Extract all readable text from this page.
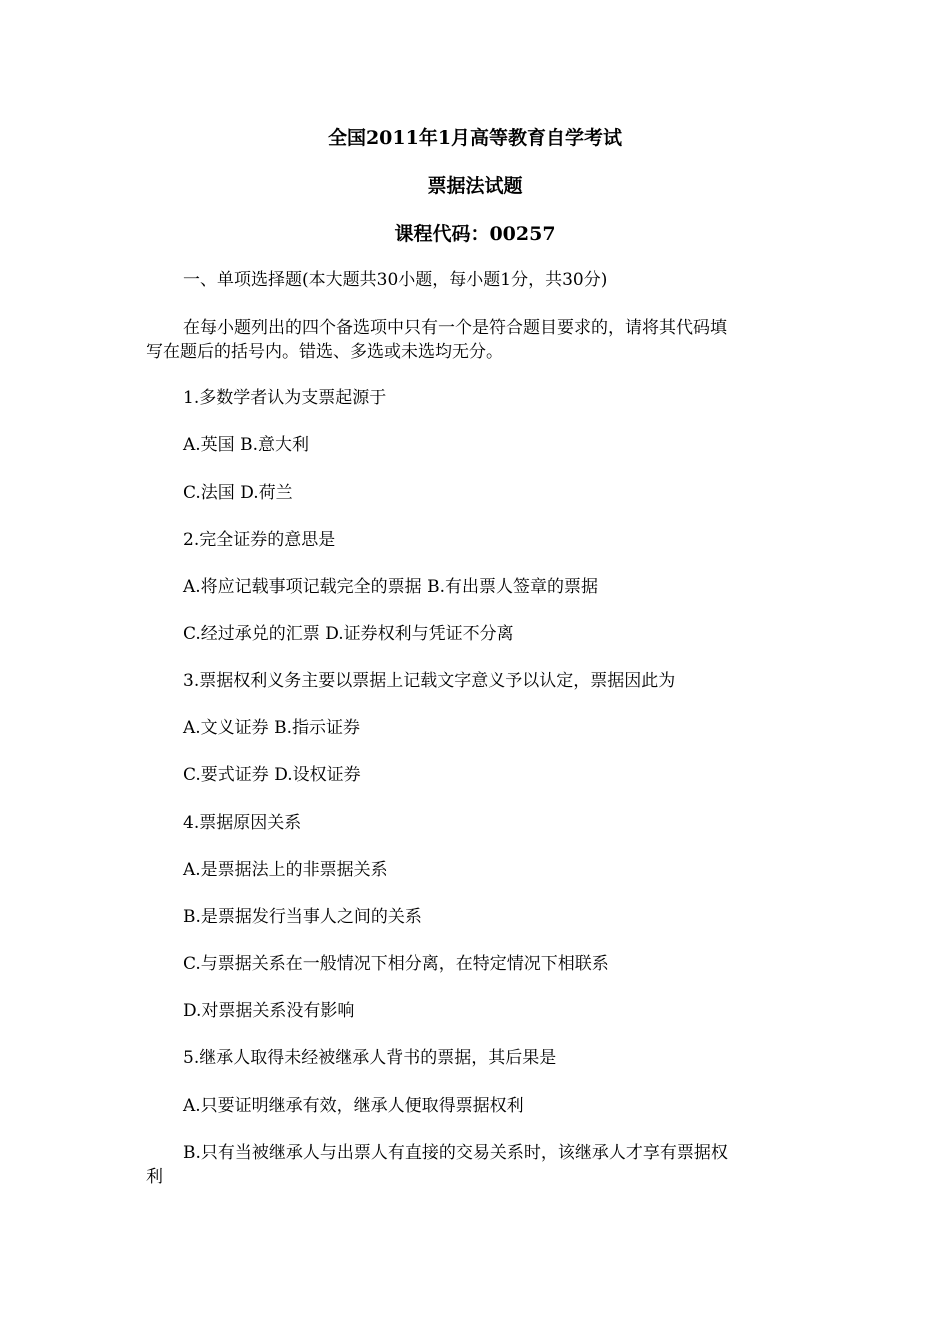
全国2011年1月高等教育自学考试
票据法试题
课程代码：00257
一、单项选择题(本大题共30小题，每小题1分，共30分)
在每小题列出的四个备选项中只有一个是符合题目要求的，请将其代码填
写在题后的括号内。错选、多选或未选均无分。
1.多数学者认为支票起源于
A.英国 B.意大利
C.法国 D.荷兰
2.完全证券的意思是
A.将应记载事项记载完全的票据 B.有出票人签章的票据
C.经过承兑的汇票 D.证券权利与凭证不分离
3.票据权利义务主要以票据上记载文字意义予以认定，票据因此为
A.文义证券 B.指示证券
C.要式证券 D.设权证券
4.票据原因关系
A.是票据法上的非票据关系
B.是票据发行当事人之间的关系
C.与票据关系在一般情况下相分离，在特定情况下相联系
D.对票据关系没有影响
5.继承人取得未经被继承人背书的票据，其后果是
A.只要证明继承有效，继承人便取得票据权利
B.只有当被继承人与出票人有直接的交易关系时，该继承人才享有票据权
利
